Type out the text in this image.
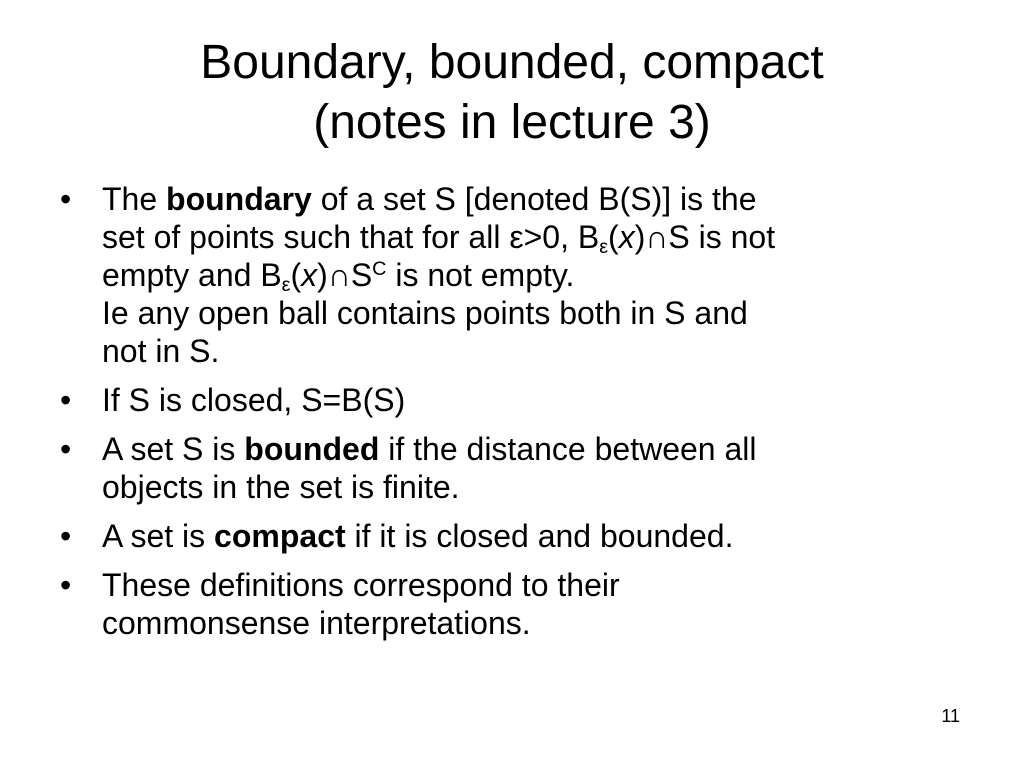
Boundary, bounded, compact
(notes in lecture 3)
• The boundary of a set S [denoted B(S)] is the
set of points such that for all ε>0, $B_\varepsilon(x)\cap S$ is not
empty and $B_\varepsilon(x)\cap S^C$ is not empty.
Ie any open ball contains points both in S and
not in S.
• If S is closed, S=B(S)
• A set S is bounded if the distance between all
objects in the set is finite.
• A set is compact if it is closed and bounded.
• These definitions correspond to their
commonsense interpretations.
11
